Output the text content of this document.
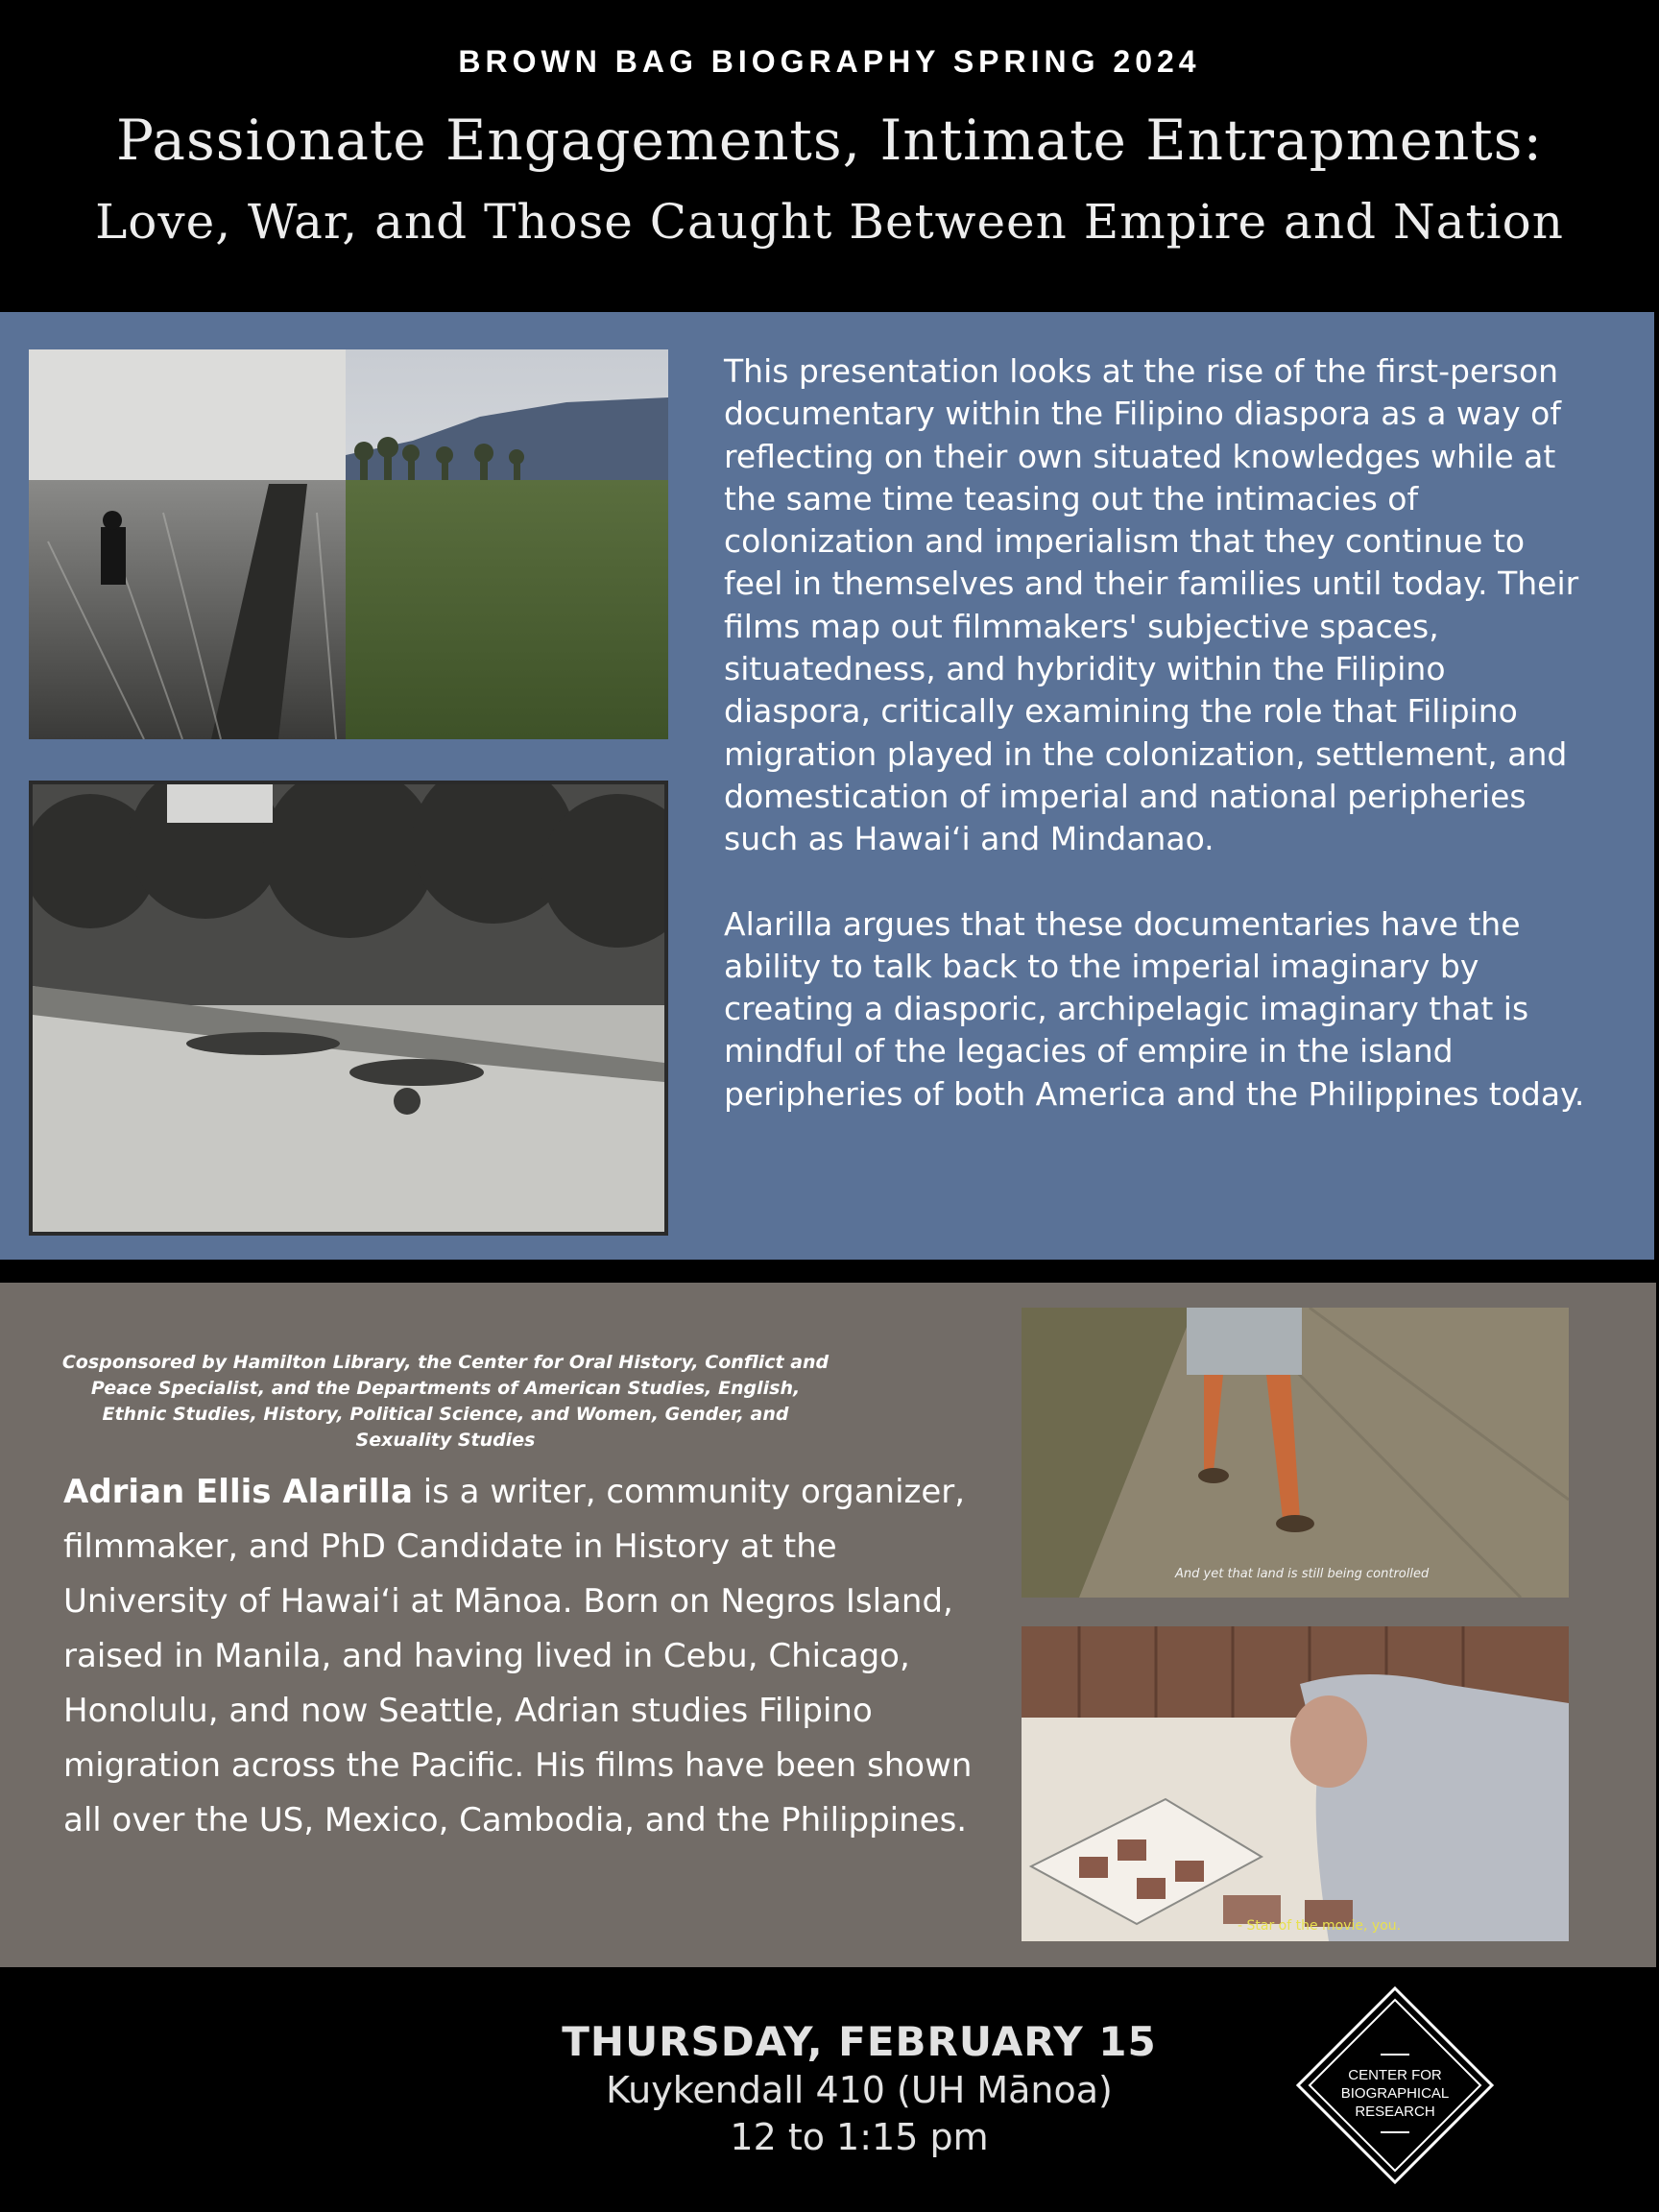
BROWN BAG BIOGRAPHY SPRING 2024
Passionate Engagements, Intimate Entrapments:
Love, War, and Those Caught Between Empire and Nation

This presentation looks at the rise of the first-person documentary within the Filipino diaspora as a way of reflecting on their own situated knowledges while at the same time teasing out the intimacies of colonization and imperialism that they continue to feel in themselves and their families until today. Their films map out filmmakers' subjective spaces, situatedness, and hybridity within the Filipino diaspora, critically examining the role that Filipino migration played in the colonization, settlement, and domestication of imperial and national peripheries such as Hawaiʻi and Mindanao.

Alarilla argues that these documentaries have the ability to talk back to the imperial imaginary by creating a diasporic, archipelagic imaginary that is mindful of the legacies of empire in the island peripheries of both America and the Philippines today.

Cosponsored by Hamilton Library, the Center for Oral History, Conflict and Peace Specialist, and the Departments of American Studies, English, Ethnic Studies, History, Political Science, and Women, Gender, and Sexuality Studies
Adrian Ellis Alarilla is a writer, community organizer, filmmaker, and PhD Candidate in History at the University of Hawaiʻi at Mānoa. Born on Negros Island, raised in Manila, and having lived in Cebu, Chicago, Honolulu, and now Seattle, Adrian studies Filipino migration across the Pacific. His films have been shown all over the US, Mexico, Cambodia, and the Philippines.
And yet that land is still being controlled
- Star of the movie, you.
THURSDAY, FEBRUARY 15
Kuykendall 410 (UH Mānoa)
12 to 1:15 pm
CENTER FOR
BIOGRAPHICAL
RESEARCH
